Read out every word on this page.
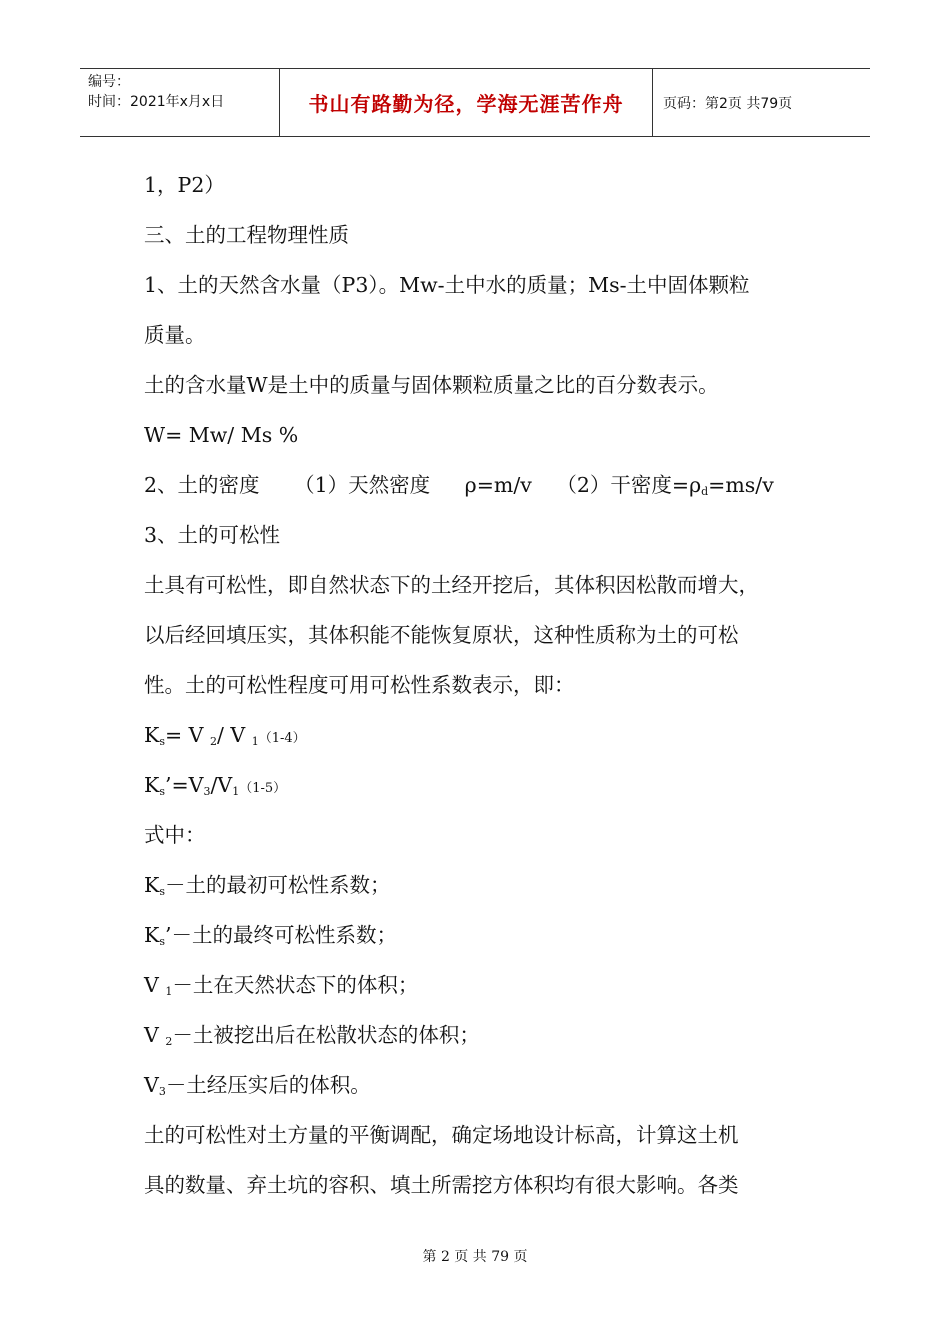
编号：
时间：2021年x月x日	书山有路勤为径，学海无涯苦作舟	页码：第2页 共79页
1，P2）
三、土的工程物理性质
1、土的天然含水量（P3）。Mw-土中水的质量；Ms-土中固体颗粒
质量。
土的含水量W是土中的质量与固体颗粒质量之比的百分数表示。
W= Mw/ Ms %
2、土的密度 （1）天然密度 ρ=m/v （2）干密度$=\rho_d=ms/v$
3、土的可松性
土具有可松性，即自然状态下的土经开挖后，其体积因松散而增大，
以后经回填压实，其体积能不能恢复原状，这种性质称为土的可松
性。土的可松性程度可用可松性系数表示，即：
$K_s= V$ $_2$/ V $_1$（1-4）
$K_s’=V_3/V_1(1-5)$
式中：
$K_s-$土的最初可松性系数；
$K_s’-$土的最终可松性系数；
V $_1$－土在天然状态下的体积；
V $_2$－土被挖出后在松散状态的体积；
$V_3-$土经压实后的体积。
土的可松性对土方量的平衡调配，确定场地设计标高，计算这土机
具的数量、弃土坑的容积、填土所需挖方体积均有很大影响。各类
第 2 页 共 79 页
